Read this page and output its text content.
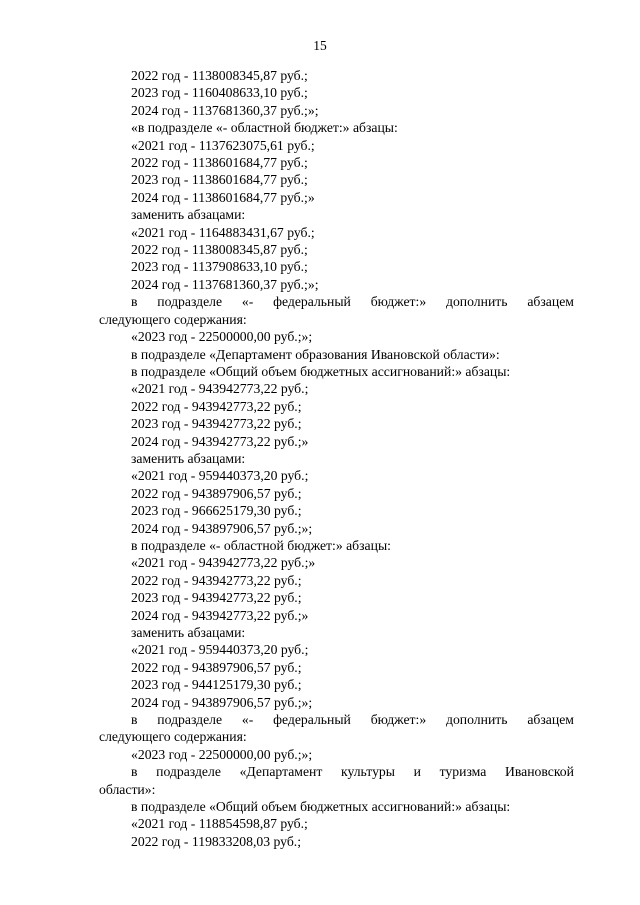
15
2022 год - 1138008345,87 руб.;
2023 год - 1160408633,10 руб.;
2024 год - 1137681360,37 руб.;»;
«в подразделе «- областной бюджет:» абзацы:
«2021 год - 1137623075,61 руб.;
2022 год - 1138601684,77 руб.;
2023 год - 1138601684,77 руб.;
2024 год - 1138601684,77 руб.;»
заменить абзацами:
«2021 год - 1164883431,67 руб.;
2022 год - 1138008345,87 руб.;
2023 год - 1137908633,10 руб.;
2024 год - 1137681360,37 руб.;»;
в подразделе «- федеральный бюджет:» дополнить абзацем
следующего содержания:
«2023 год - 22500000,00 руб.;»;
в подразделе «Департамент образования Ивановской области»:
в подразделе «Общий объем бюджетных ассигнований:» абзацы:
«2021 год - 943942773,22 руб.;
2022 год - 943942773,22 руб.;
2023 год - 943942773,22 руб.;
2024 год - 943942773,22 руб.;»
заменить абзацами:
«2021 год - 959440373,20 руб.;
2022 год - 943897906,57 руб.;
2023 год - 966625179,30 руб.;
2024 год - 943897906,57 руб.;»;
в подразделе «- областной бюджет:» абзацы:
«2021 год - 943942773,22 руб.;»
2022 год - 943942773,22 руб.;
2023 год - 943942773,22 руб.;
2024 год - 943942773,22 руб.;»
заменить абзацами:
«2021 год - 959440373,20 руб.;
2022 год - 943897906,57 руб.;
2023 год - 944125179,30 руб.;
2024 год - 943897906,57 руб.;»;
в подразделе «- федеральный бюджет:» дополнить абзацем
следующего содержания:
«2023 год - 22500000,00 руб.;»;
в подразделе «Департамент культуры и туризма Ивановской
области»:
в подразделе «Общий объем бюджетных ассигнований:» абзацы:
«2021 год - 118854598,87 руб.;
2022 год - 119833208,03 руб.;
